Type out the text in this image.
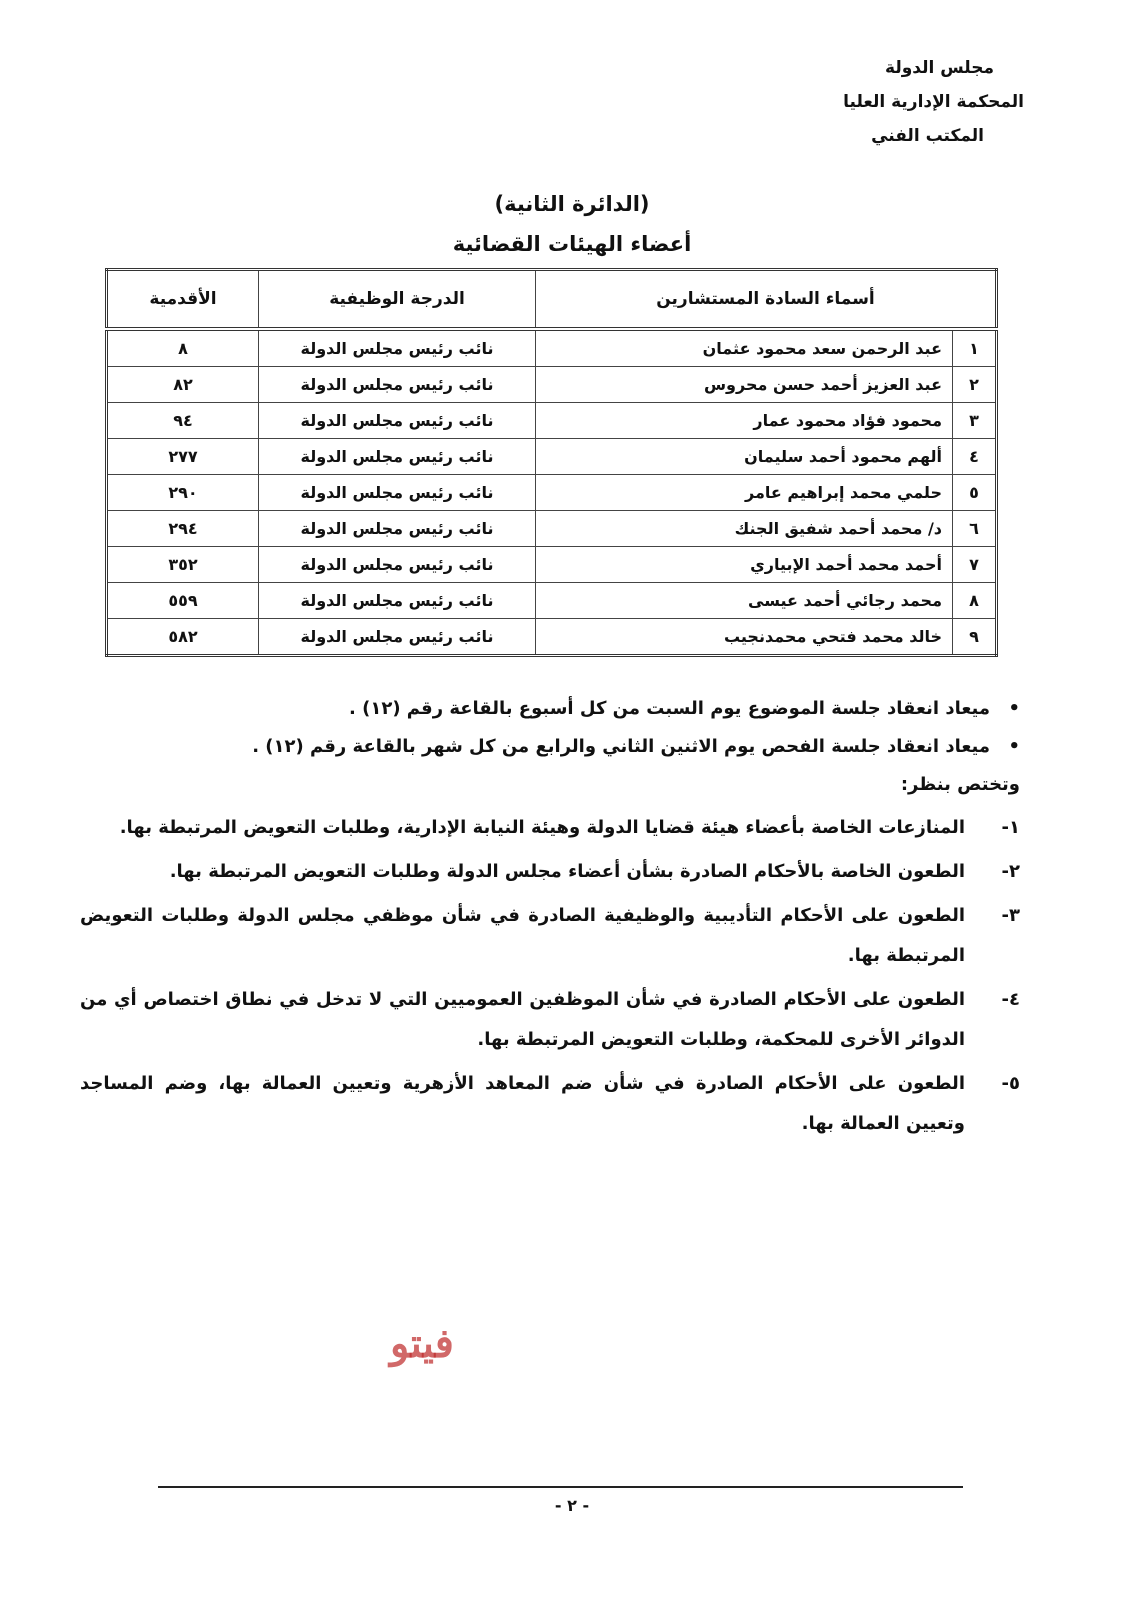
مجلس الدولة
المحكمة الإدارية العليا
المكتب الفني
(الدائرة الثانية)
أعضاء الهيئات القضائية
أسماء السادة المستشارين		الدرجة الوظيفية	الأقدمية
١	عبد الرحمن سعد محمود عثمان	نائب رئيس مجلس الدولة	٨
٢	عبد العزيز أحمد حسن محروس	نائب رئيس مجلس الدولة	٨٢
٣	محمود فؤاد محمود عمار	نائب رئيس مجلس الدولة	٩٤
٤	ألهم محمود أحمد سليمان	نائب رئيس مجلس الدولة	٢٧٧
٥	حلمي محمد إبراهيم عامر	نائب رئيس مجلس الدولة	٢٩٠
٦	د/ محمد أحمد شفيق الجنك	نائب رئيس مجلس الدولة	٢٩٤
٧	أحمد محمد أحمد الإبياري	نائب رئيس مجلس الدولة	٣٥٢
٨	محمد رجائي أحمد عيسى	نائب رئيس مجلس الدولة	٥٥٩
٩	خالد محمد فتحي محمدنجيب	نائب رئيس مجلس الدولة	٥٨٢
• ميعاد انعقاد جلسة الموضوع يوم السبت من كل أسبوع بالقاعة رقم (١٢) .
• ميعاد انعقاد جلسة الفحص يوم الاثنين الثاني والرابع من كل شهر بالقاعة رقم (١٢) .
وتختص بنظر:
١-
المنازعات الخاصة بأعضاء هيئة قضايا الدولة وهيئة النيابة الإدارية، وطلبات التعويض المرتبطة بها.
٢-
الطعون الخاصة بالأحكام الصادرة بشأن أعضاء مجلس الدولة وطلبات التعويض المرتبطة بها.
٣-
الطعون على الأحكام التأديبية والوظيفية الصادرة في شأن موظفي مجلس الدولة وطلبات التعويض المرتبطة بها.
٤-
الطعون على الأحكام الصادرة في شأن الموظفين العموميين التي لا تدخل في نطاق اختصاص أي من الدوائر الأخرى للمحكمة، وطلبات التعويض المرتبطة بها.
٥-
الطعون على الأحكام الصادرة في شأن ضم المعاهد الأزهرية وتعيين العمالة بها، وضم المساجد وتعيين العمالة بها.
فيتو
- ٢ -
